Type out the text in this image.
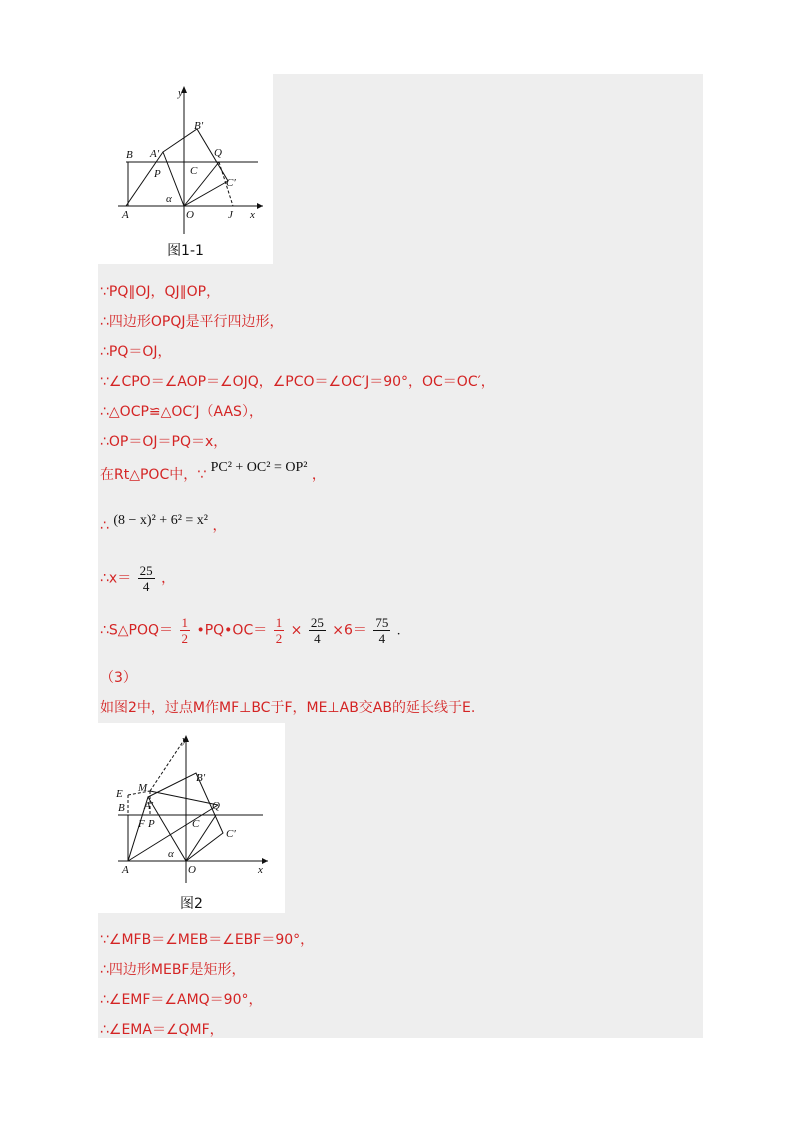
y
x
B A′
B′
Q
P	C
C′
α
A	O	J
图1-1
∵PQ∥OJ，QJ∥OP，
∴四边形OPQJ是平行四边形，
∴PQ＝OJ，
∵∠CPO＝∠AOP＝∠OJQ，∠PCO＝∠OC′J＝90°，OC＝OC′，
∴△OCP≌△OC′J（AAS），
∴OP＝OJ＝PQ＝x，
在Rt△POC中，∵ PC² + OC² = OP² ，
∴ (8 − x)² + 6² = x² ，
∴x＝ $\frac{25}{4}$ ，
∴S△POQ＝ $\frac{1}{2}$ •PQ•OC＝ $\frac{1}{2} \times \frac{25}{4} \times 6= \frac{75}{4}$ .
（3）
如图2中，过点M作MF⊥BC于F，ME⊥AB交AB的延长线于E.
y
x
E M
B A′
B′
Q
F P	C
C′
α
A	O
图2
∵∠MFB＝∠MEB＝∠EBF＝90°，
∴四边形MEBF是矩形，
∴∠EMF＝∠AMQ＝90°，
∴∠EMA＝∠QMF，
